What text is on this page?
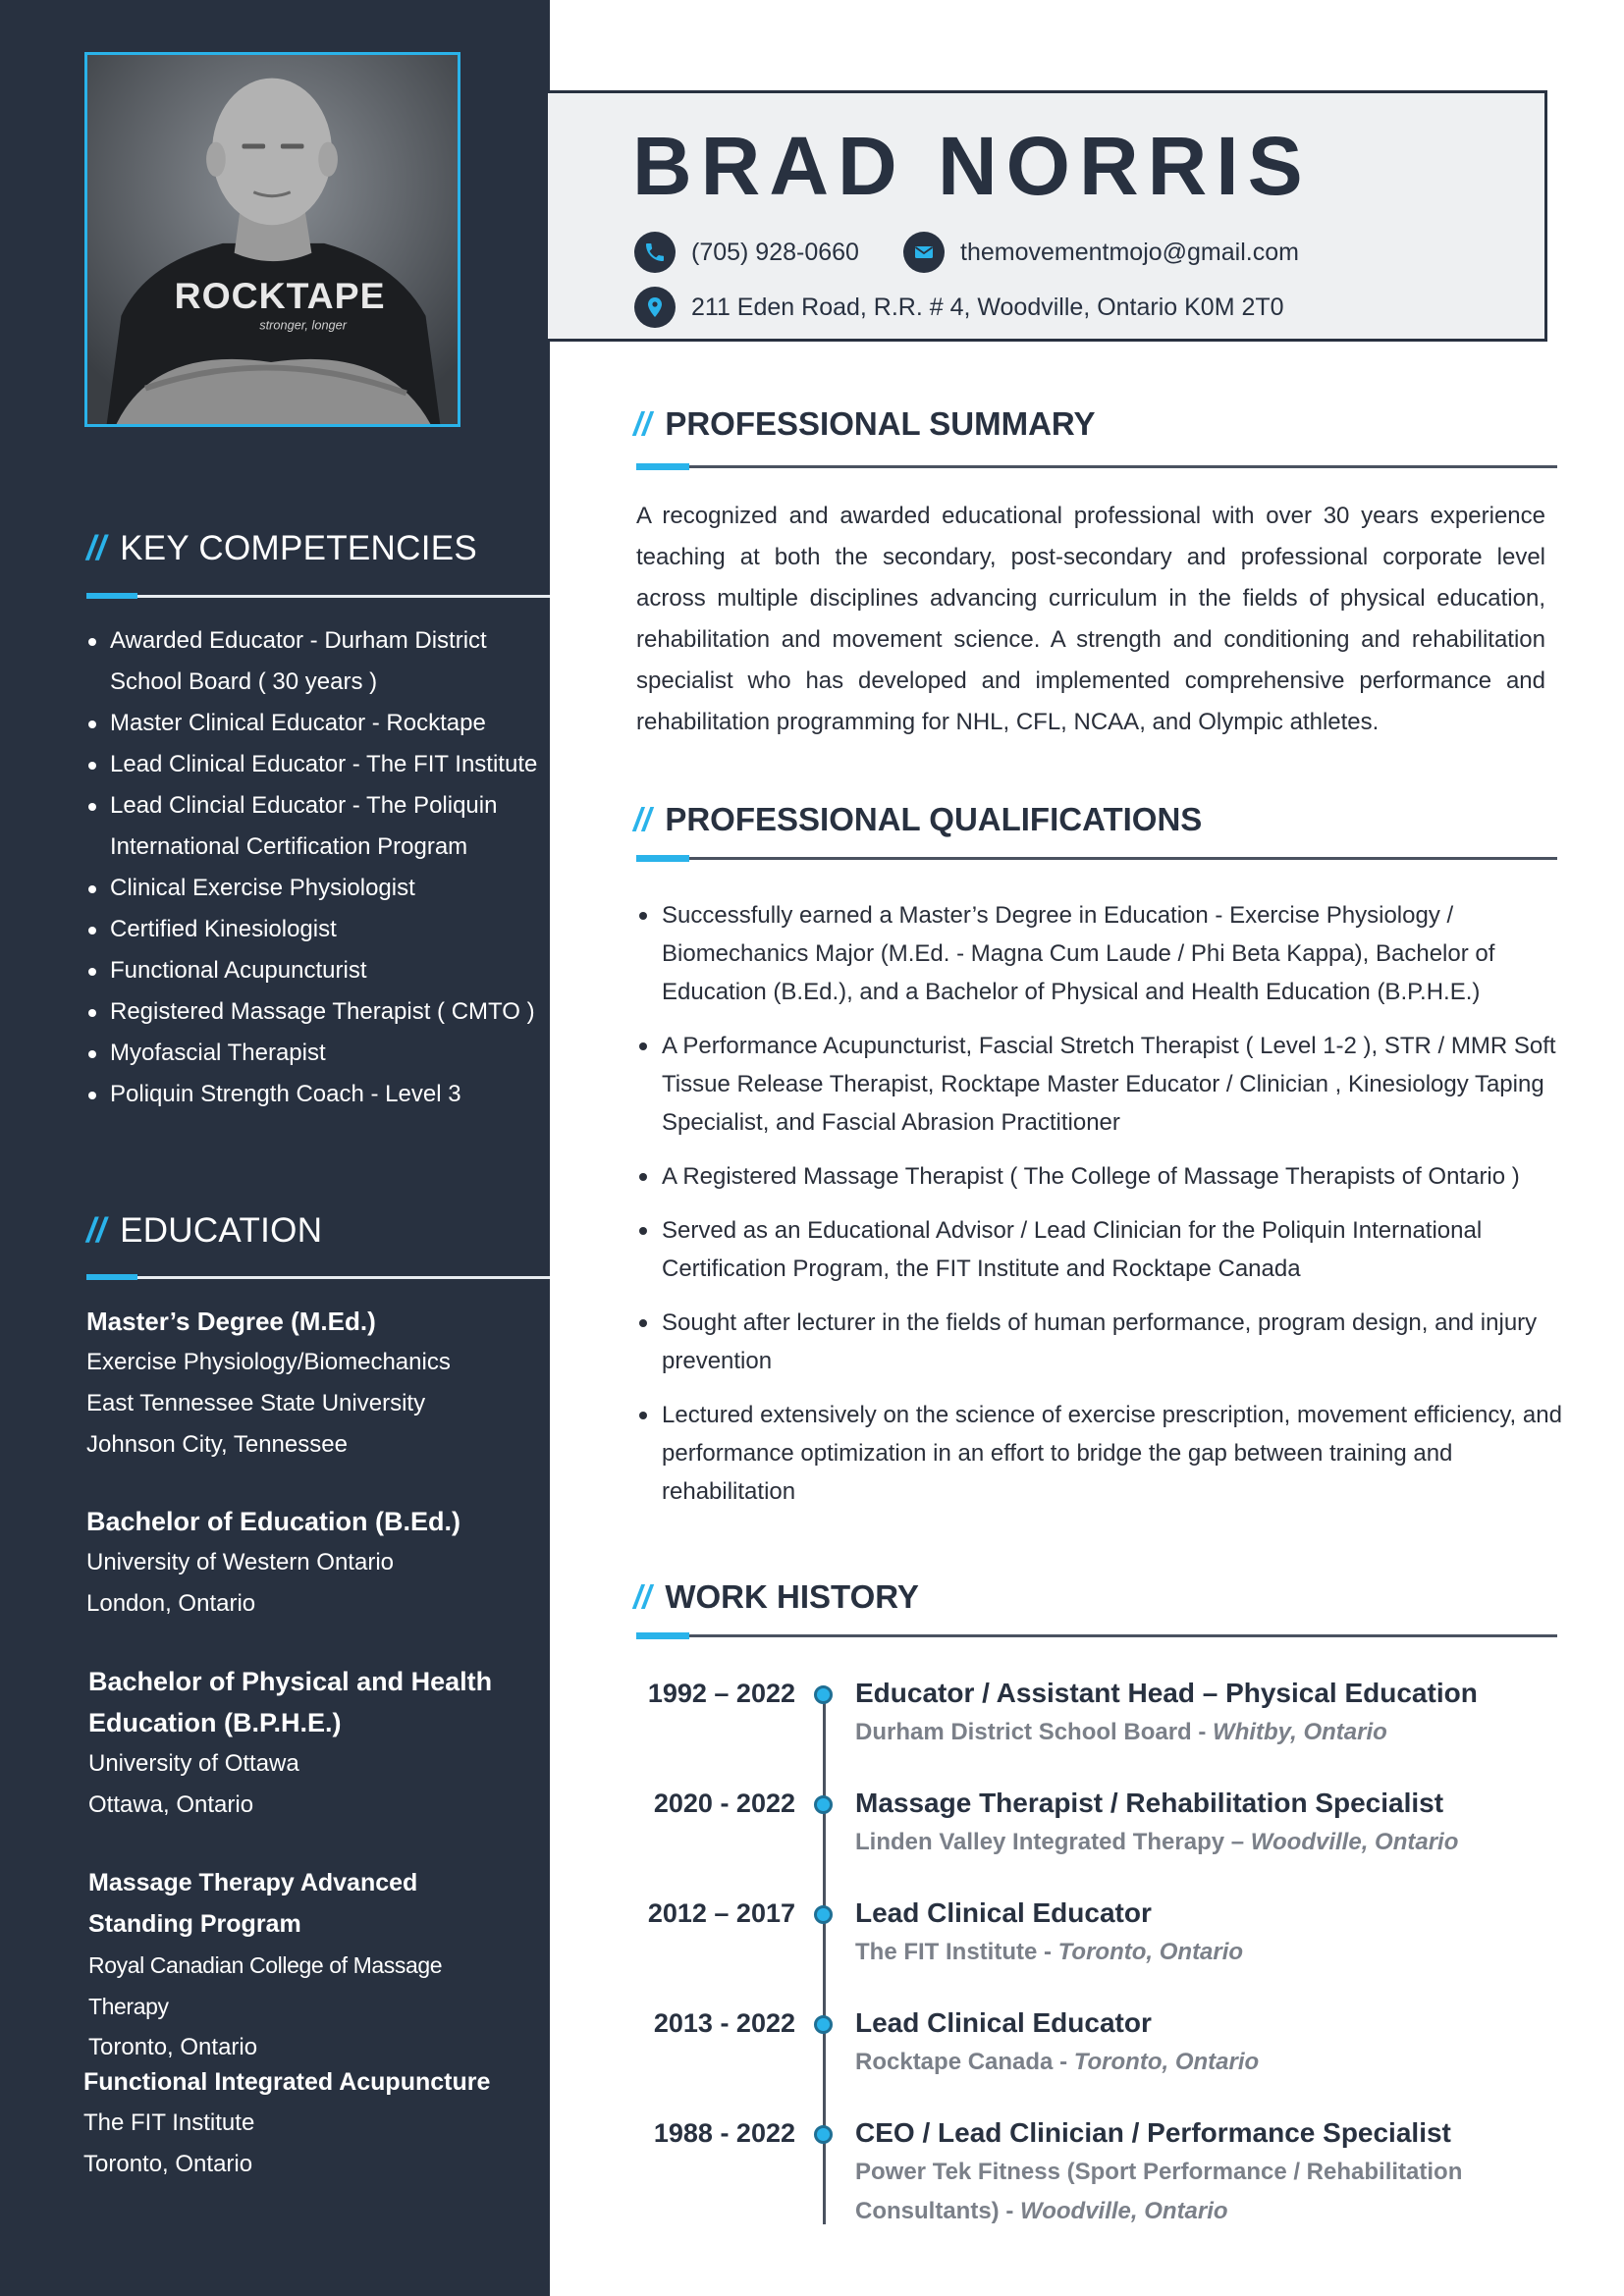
ROCKTAPE
stronger, longer
// KEY COMPETENCIES
Awarded Educator - Durham District School Board ( 30 years )
Master Clinical Educator - Rocktape
Lead Clinical Educator - The FIT Institute
Lead Clincial Educator - The Poliquin International Certification Program
Clinical Exercise Physiologist
Certified Kinesiologist
Functional Acupuncturist
Registered Massage Therapist ( CMTO )
Myofascial Therapist
Poliquin Strength Coach - Level 3
// EDUCATION
Master’s Degree (M.Ed.)
Exercise Physiology/Biomechanics
East Tennessee State University
Johnson City, Tennessee
Bachelor of Education (B.Ed.)
University of Western Ontario
London, Ontario
Bachelor of Physical and Health Education (B.P.H.E.)
University of Ottawa
Ottawa, Ontario
Massage Therapy Advanced Standing Program
Royal Canadian College of Massage Therapy
Toronto, Ontario
Functional Integrated Acupuncture
The FIT Institute
Toronto, Ontario
BRAD NORRIS
(705) 928-0660	themovementmojo@gmail.com
211 Eden Road, R.R. # 4, Woodville, Ontario K0M 2T0
// PROFESSIONAL SUMMARY

A recognized and awarded educational professional with over 30 years experience teaching at both the secondary, post-secondary and professional corporate level across multiple disciplines advancing curriculum in the fields of physical education, rehabilitation and movement science. A strength and conditioning and rehabilitation specialist who has developed and implemented comprehensive performance and rehabilitation programming for NHL, CFL, NCAA, and Olympic athletes.

// PROFESSIONAL QUALIFICATIONS
Successfully earned a Master’s Degree in Education - Exercise Physiology / Biomechanics Major (M.Ed. - Magna Cum Laude / Phi Beta Kappa), Bachelor of Education (B.Ed.), and a Bachelor of Physical and Health Education (B.P.H.E.)
A Performance Acupuncturist, Fascial Stretch Therapist ( Level 1-2 ), STR / MMR Soft Tissue Release Therapist, Rocktape Master Educator / Clinician , Kinesiology Taping Specialist, and Fascial Abrasion Practitioner
A Registered Massage Therapist ( The College of Massage Therapists of Ontario )
Served as an Educational Advisor / Lead Clinician for the Poliquin International Certification Program, the FIT Institute and Rocktape Canada
Sought after lecturer in the fields of human performance, program design, and injury prevention
Lectured extensively on the science of exercise prescription, movement efficiency, and performance optimization in an effort to bridge the gap between training and rehabilitation
// WORK HISTORY
1992 – 2022 Educator / Assistant Head – Physical Education
Durham District School Board - Whitby, Ontario
2020 - 2022 Massage Therapist / Rehabilitation Specialist
Linden Valley Integrated Therapy – Woodville, Ontario
2012 – 2017 Lead Clinical Educator
The FIT Institute - Toronto, Ontario
2013 - 2022 Lead Clinical Educator
Rocktape Canada - Toronto, Ontario
1988 - 2022 CEO / Lead Clinician / Performance Specialist
Power Tek Fitness (Sport Performance / Rehabilitation Consultants) - Woodville, Ontario
